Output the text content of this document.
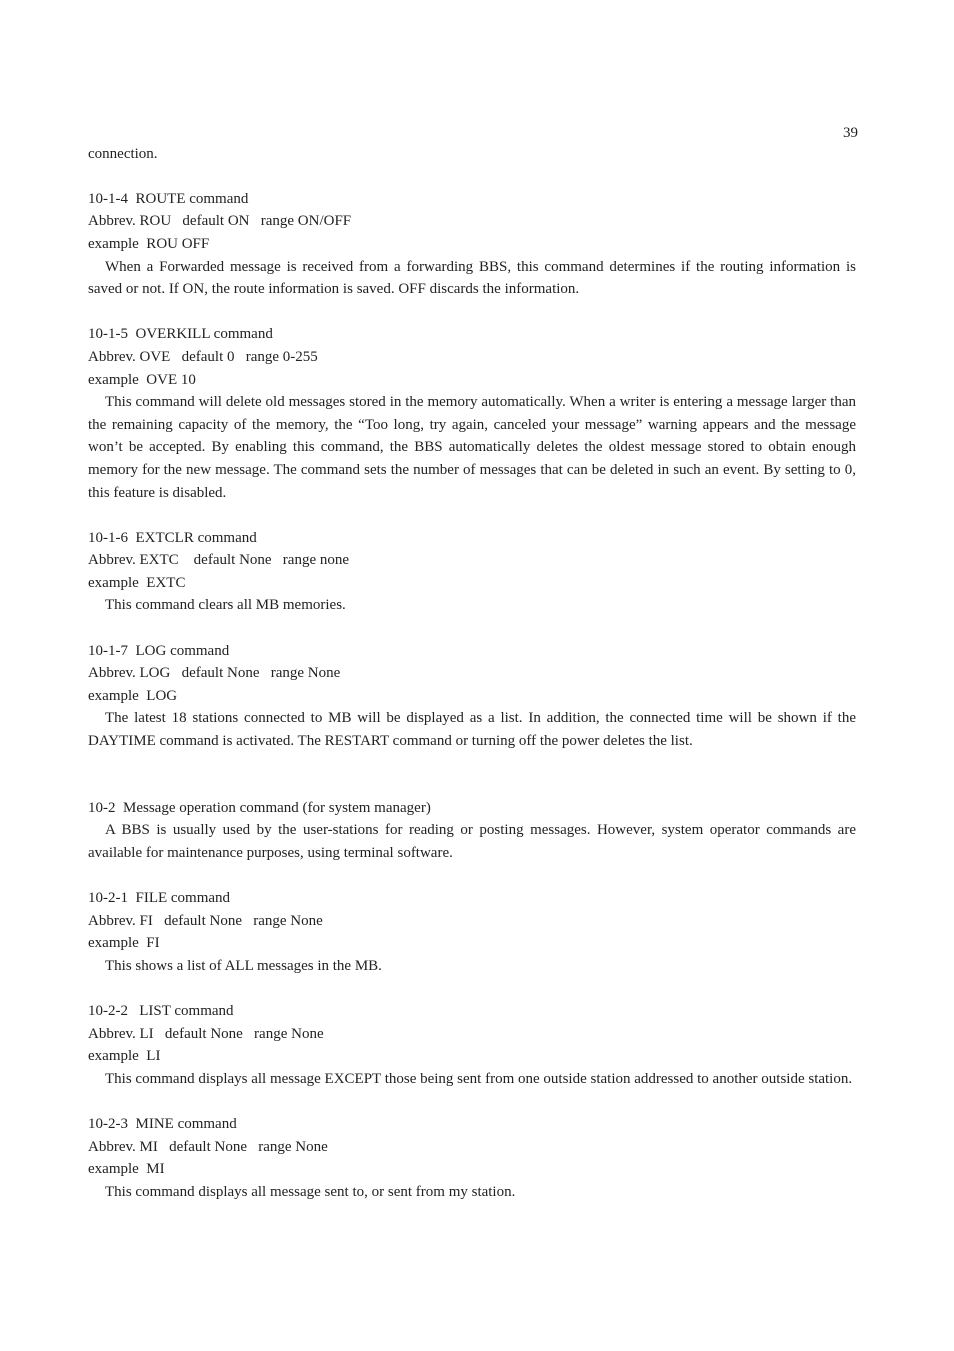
39
connection.
10-1-4  ROUTE command
Abbrev. ROU   default ON   range ON/OFF
example  ROU OFF

When a Forwarded message is received from a forwarding BBS, this command determines if the routing information is saved or not. If ON, the route information is saved. OFF discards the information.

10-1-5  OVERKILL command
Abbrev. OVE   default 0   range 0-255
example  OVE 10

This command will delete old messages stored in the memory automatically. When a writer is entering a message larger than the remaining capacity of the memory, the “Too long, try again, canceled your message” warning appears and the message won’t be accepted. By enabling this command, the BBS automatically deletes the oldest message stored to obtain enough memory for the new message. The command sets the number of messages that can be deleted in such an event. By setting to 0, this feature is disabled.

10-1-6  EXTCLR command
Abbrev. EXTC    default None   range none
example  EXTC

This command clears all MB memories.

10-1-7  LOG command
Abbrev. LOG   default None   range None
example  LOG

The latest 18 stations connected to MB will be displayed as a list. In addition, the connected time will be shown if the DAYTIME command is activated. The RESTART command or turning off the power deletes the list.

10-2  Message operation command (for system manager)

A BBS is usually used by the user-stations for reading or posting messages. However, system operator commands are available for maintenance purposes, using terminal software.

10-2-1  FILE command
Abbrev. FI   default None   range None
example  FI

This shows a list of ALL messages in the MB.

10-2-2   LIST command
Abbrev. LI   default None   range None
example  LI

This command displays all message EXCEPT those being sent from one outside station addressed to another outside station.

10-2-3  MINE command
Abbrev. MI   default None   range None
example  MI

This command displays all message sent to, or sent from my station.
